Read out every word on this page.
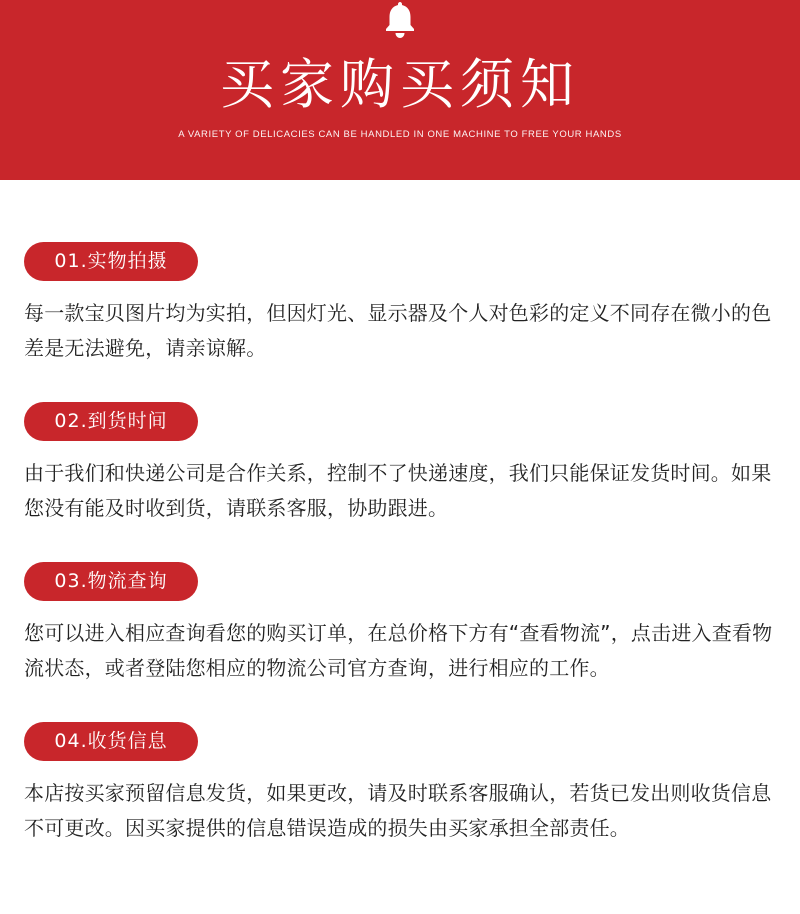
买家购买须知
A VARIETY OF DELICACIES CAN BE HANDLED IN ONE MACHINE TO FREE YOUR HANDS
01.实物拍摄
每一款宝贝图片均为实拍，但因灯光、显示器及个人对色彩的定义不同存在微小的色差是无法避免，请亲谅解。
02.到货时间
由于我们和快递公司是合作关系，控制不了快递速度，我们只能保证发货时间。如果您没有能及时收到货，请联系客服，协助跟进。
03.物流查询
您可以进入相应查询看您的购买订单，在总价格下方有“查看物流”，点击进入查看物流状态，或者登陆您相应的物流公司官方查询，进行相应的工作。
04.收货信息
本店按买家预留信息发货，如果更改，请及时联系客服确认，若货已发出则收货信息不可更改。因买家提供的信息错误造成的损失由买家承担全部责任。
